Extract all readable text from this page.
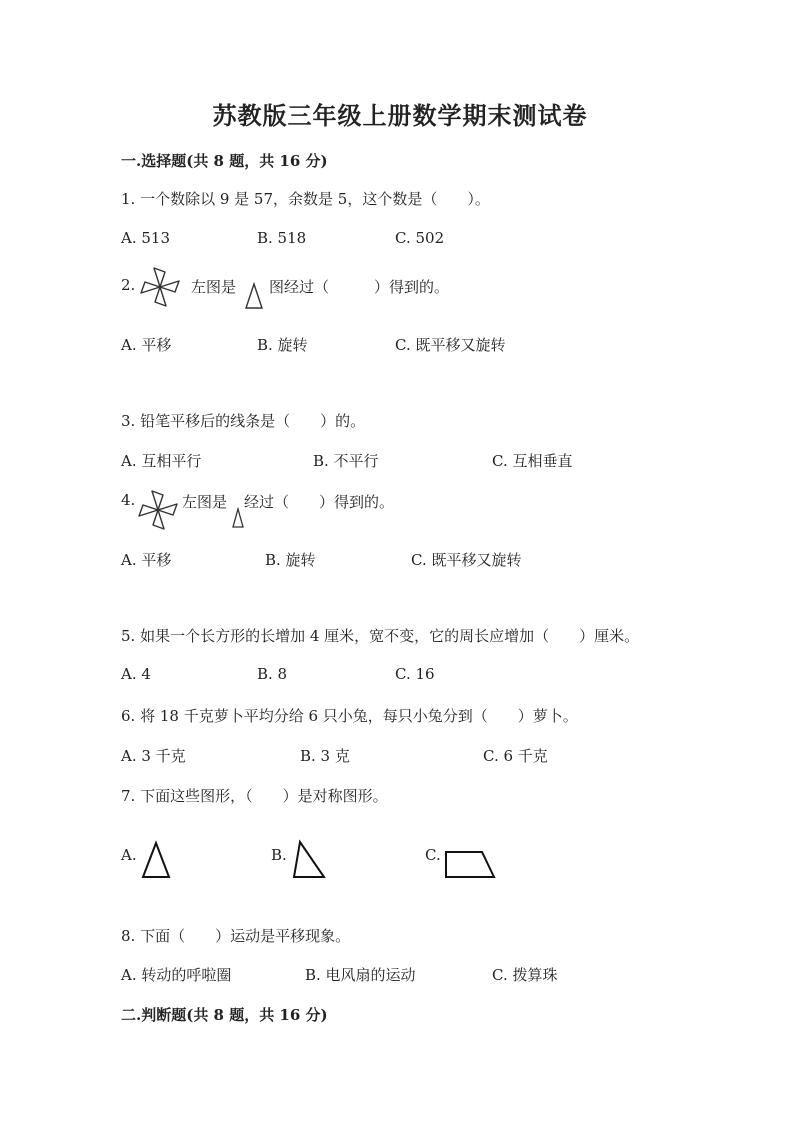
苏教版三年级上册数学期末测试卷
一.选择题(共 8 题，共 16 分)
1. 一个数除以 9 是 57，余数是 5，这个数是（　　）。
A. 513	B. 518	C. 502
2.	左图是 图经过（　　　）得到的。
A. 平移	B. 旋转	C. 既平移又旋转
3. 铅笔平移后的线条是（　　）的。
A. 互相平行	B. 不平行	C. 互相垂直
4.	左图是 经过（　　）得到的。
A. 平移	B. 旋转	C. 既平移又旋转
5. 如果一个长方形的长增加 4 厘米，宽不变，它的周长应增加（　　）厘米。
A. 4	B. 8	C. 16
6. 将 18 千克萝卜平均分给 6 只小兔，每只小兔分到（　　）萝卜。
A. 3 千克	B. 3 克	C. 6 千克
7. 下面这些图形，（　　）是对称图形。
A.	B.	C.
8. 下面（　　）运动是平移现象。
A. 转动的呼啦圈	B. 电风扇的运动	C. 拨算珠
二.判断题(共 8 题，共 16 分)
